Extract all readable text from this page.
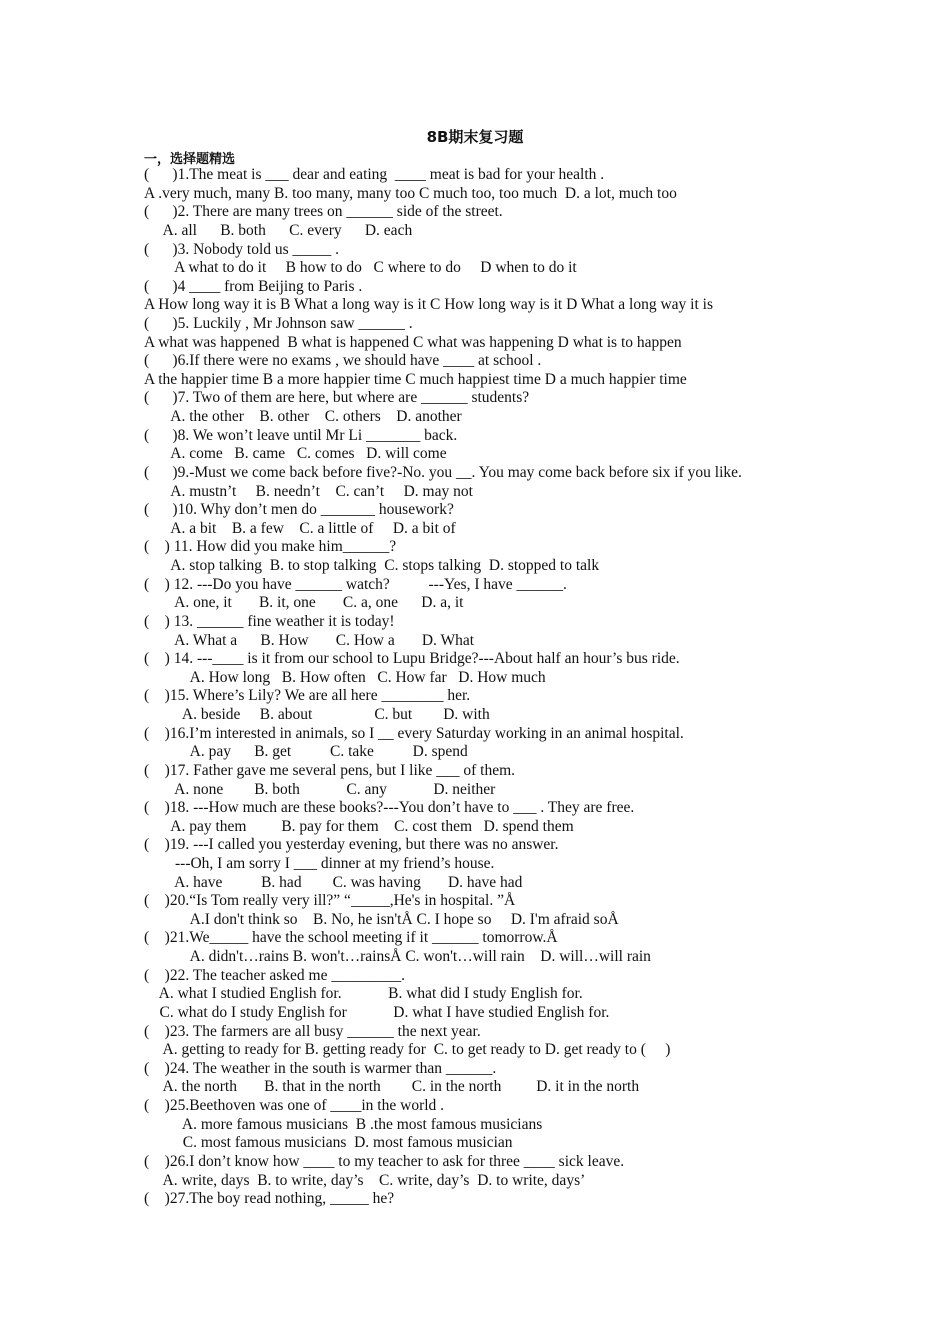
8B期末复习题
一，选择题精选
(      )1.The meat is ___ dear and eating  ____ meat is bad for your health .
A .very much, many B. too many, many too C much too, too much  D. a lot, much too
(      )2. There are many trees on ______ side of the street.
A. all      B. both      C. every      D. each
(      )3. Nobody told us _____ .
A what to do it     B how to do   C where to do     D when to do it
(      )4 ____ from Beijing to Paris .
A How long way it is B What a long way is it C How long way is it D What a long way it is
(      )5. Luckily , Mr Johnson saw ______ .
A what was happened  B what is happened C what was happening D what is to happen
(      )6.If there were no exams , we should have ____ at school .
A the happier time B a more happier time C much happiest time D a much happier time
(      )7. Two of them are here, but where are ______ students?
A. the other    B. other    C. others    D. another
(      )8. We won’t leave until Mr Li _______ back.
A. come   B. came   C. comes   D. will come
(      )9.-Must we come back before five?-No. you __. You may come back before six if you like.
A. mustn’t     B. needn’t    C. can’t     D. may not
(      )10. Why don’t men do _______ housework?
A. a bit    B. a few    C. a little of     D. a bit of
(    ) 11. How did you make him______?
A. stop talking  B. to stop talking  C. stops talking  D. stopped to talk
(    ) 12. ---Do you have ______ watch?          ---Yes, I have ______.
A. one, it       B. it, one       C. a, one      D. a, it
(    ) 13. ______ fine weather it is today!
A. What a      B. How       C. How a       D. What
(    ) 14. ---____ is it from our school to Lupu Bridge?---About half an hour’s bus ride.
A. How long   B. How often   C. How far   D. How much
(    )15. Where’s Lily? We are all here ________ her.
A. beside     B. about                C. but        D. with
(    )16.I’m interested in animals, so I __ every Saturday working in an animal hospital.
A. pay      B. get          C. take          D. spend
(    )17. Father gave me several pens, but I like ___ of them.
A. none        B. both            C. any            D. neither
(    )18. ---How much are these books?---You don’t have to ___ . They are free.
A. pay them         B. pay for them    C. cost them   D. spend them
(    )19. ---I called you yesterday evening, but there was no answer.
---Oh, I am sorry I ___ dinner at my friend’s house.
A. have          B. had        C. was having       D. have had
(    )20.“Is Tom really very ill?” “_____,He's in hospital. ”Å
A.I don't think so    B. No, he isn'tÅ C. I hope so     D. I'm afraid soÅ
(    )21.We_____ have the school meeting if it ______ tomorrow.Å
A. didn't…rains B. won't…rainsÅ C. won't…will rain    D. will…will rain
(    )22. The teacher asked me _________.
A. what I studied English for.            B. what did I study English for.
C. what do I study English for            D. what I have studied English for.
(    )23. The farmers are all busy ______ the next year.
A. getting to ready for B. getting ready for  C. to get ready to D. get ready to (     )
(    )24. The weather in the south is warmer than ______.
A. the north       B. that in the north        C. in the north         D. it in the north
(    )25.Beethoven was one of ____in the world .
A. more famous musicians  B .the most famous musicians
C. most famous musicians  D. most famous musician
(    )26.I don’t know how ____ to my teacher to ask for three ____ sick leave.
A. write, days  B. to write, day’s    C. write, day’s  D. to write, days’
(    )27.The boy read nothing, _____ he?
